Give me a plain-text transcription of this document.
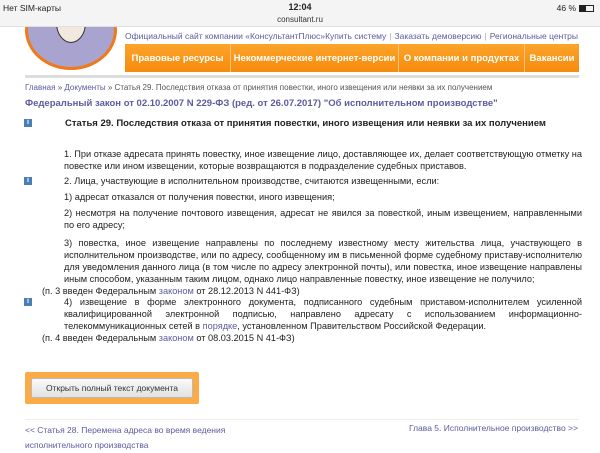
Нет SIM-карты	12:04
consultant.ru
46 %
Официальный сайт компании «КонсультантПлюс» Купить систему | Заказать демоверсию | Региональные центры
Правовые ресурсы	Некоммерческие интернет-версии О компании и продуктах	Вакансии
Главная » Документы » Статья 29. Последствия отказа от принятия повестки, иного извещения или неявки за их получением
Федеральный закон от 02.10.2007 N 229-ФЗ (ред. от 26.07.2017) "Об исполнительном производстве"
i	Статья 29. Последствия отказа от принятия повестки, иного извещения или неявки за их получением
1. При отказе адресата принять повестку, иное извещение лицо, доставляющее их, делает соответствующую отметку на повестке или ином извещении, которые возвращаются в подразделение судебных приставов.
i	2. Лица, участвующие в исполнительном производстве, считаются извещенными, если:
1) адресат отказался от получения повестки, иного извещения;
2) несмотря на получение почтового извещения, адресат не явился за повесткой, иным извещением, направленными по его адресу;
3) повестка, иное извещение направлены по последнему известному месту жительства лица, участвующего в исполнительном производстве, или по адресу, сообщенному им в письменной форме судебному приставу-исполнителю для уведомления данного лица (в том числе по адресу электронной почты), или повестка, иное извещение направлены иным способом, указанным таким лицом, однако лицо направленные повестку, иное извещение не получило;
(п. 3 введен Федеральным законом от 28.12.2013 N 441-ФЗ)
i	4) извещение в форме электронного документа, подписанного судебным приставом-исполнителем усиленной квалифицированной электронной подписью, направлено адресату с использованием информационно-телекоммуникационных сетей в порядке, установленном Правительством Российской Федерации.
(п. 4 введен Федеральным законом от 08.03.2015 N 41-ФЗ)
Открыть полный текст документа
<< Статья 28. Перемена адреса во время ведения
исполнительного производства
Глава 5. Исполнительное производство >>
